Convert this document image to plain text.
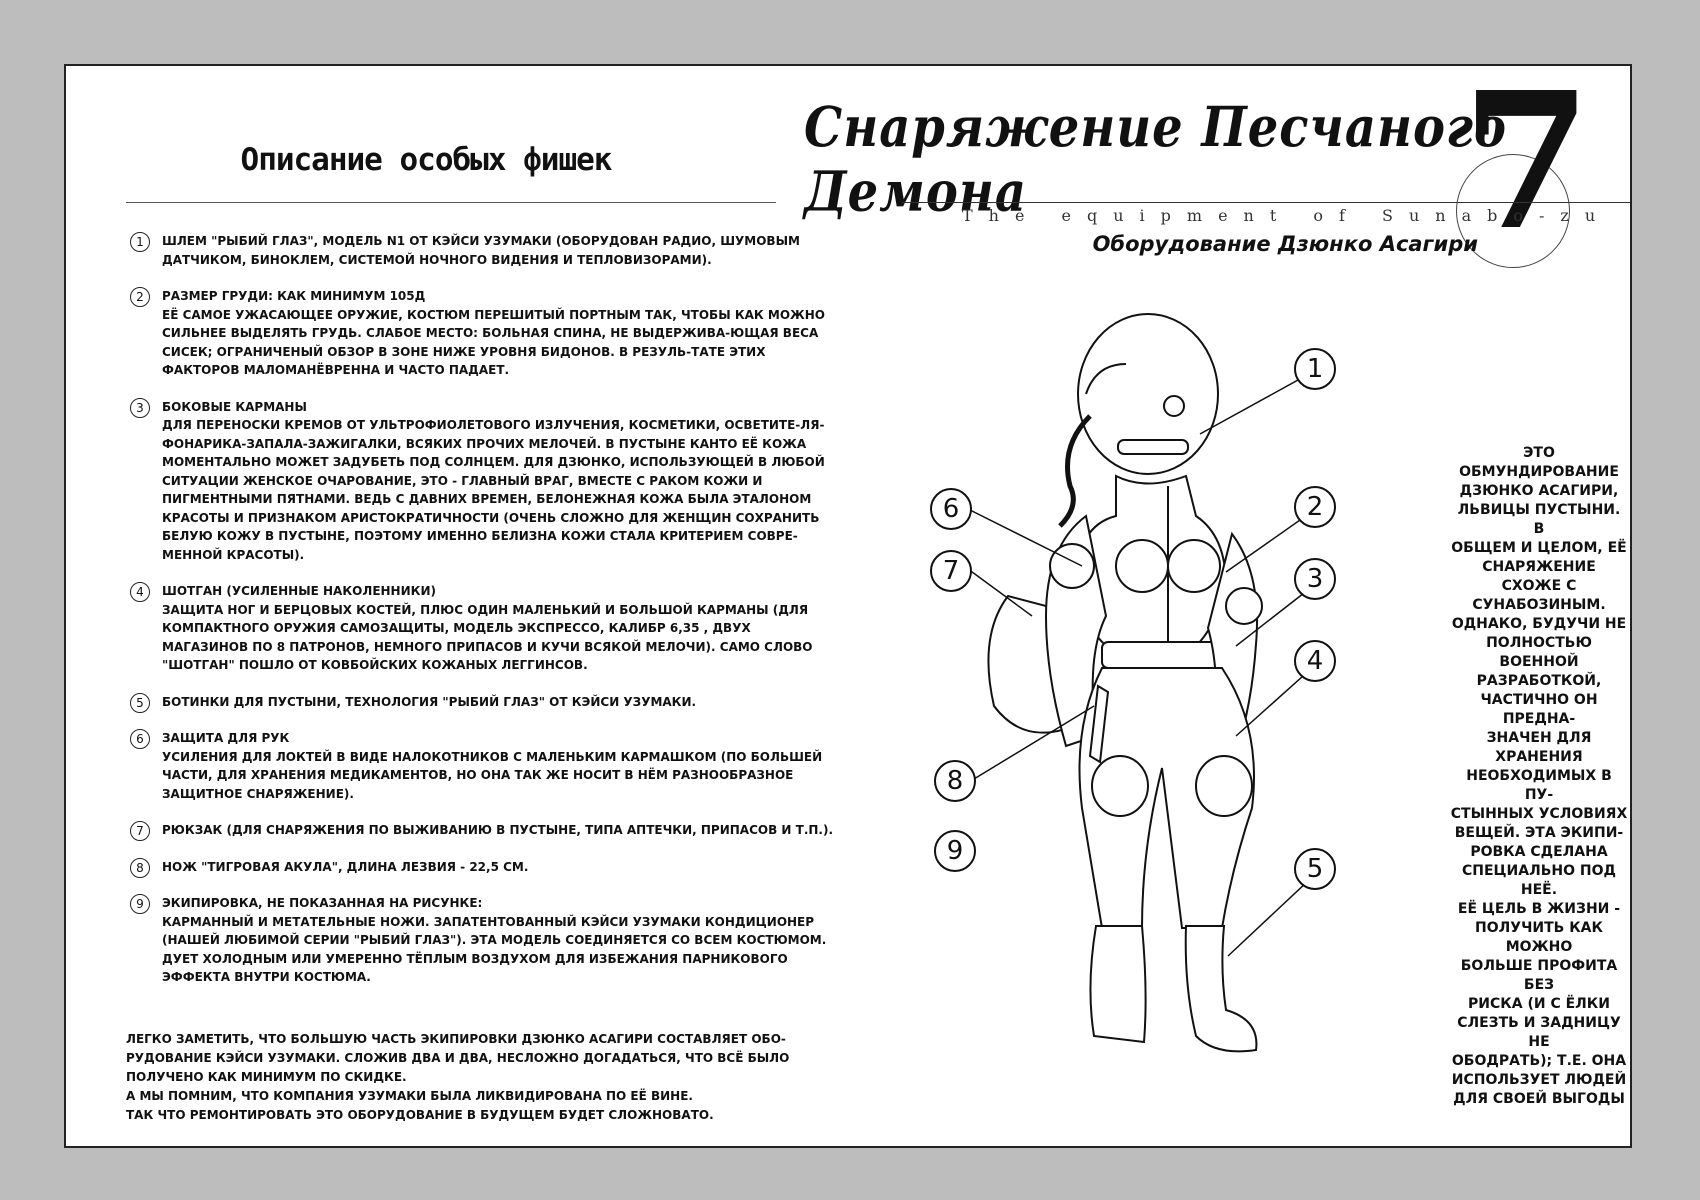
Описание особых фишек
1	ШЛЕМ "РЫБИЙ ГЛАЗ", МОДЕЛЬ N1 ОТ КЭЙСИ УЗУМАКИ (ОБОРУДОВАН РАДИО, ШУМОВЫМ ДАТЧИКОМ, БИНОКЛЕМ, СИСТЕМОЙ НОЧНОГО ВИДЕНИЯ И ТЕПЛОВИЗОРАМИ).
2	РАЗМЕР ГРУДИ: КАК МИНИМУМ 105Д
ЕЁ САМОЕ УЖАСАЮЩЕЕ ОРУЖИЕ, КОСТЮМ ПЕРЕШИТЫЙ ПОРТНЫМ ТАК, ЧТОБЫ КАК МОЖНО СИЛЬНЕЕ ВЫДЕЛЯТЬ ГРУДЬ. СЛАБОЕ МЕСТО: БОЛЬНАЯ СПИНА, НЕ ВЫДЕРЖИВА-ЮЩАЯ ВЕСА СИСЕК; ОГРАНИЧЕНЫЙ ОБЗОР В ЗОНЕ НИЖЕ УРОВНЯ БИДОНОВ. В РЕЗУЛЬ-ТАТЕ ЭТИХ ФАКТОРОВ МАЛОМАНЁВРЕННА И ЧАСТО ПАДАЕТ.
3	БОКОВЫЕ КАРМАНЫ
ДЛЯ ПЕРЕНОСКИ КРЕМОВ ОТ УЛЬТРОФИОЛЕТОВОГО ИЗЛУЧЕНИЯ, КОСМЕТИКИ, ОСВЕТИТЕ-ЛЯ-ФОНАРИКА-ЗАПАЛА-ЗАЖИГАЛКИ, ВСЯКИХ ПРОЧИХ МЕЛОЧЕЙ. В ПУСТЫНЕ КАНТО ЕЁ КОЖА МОМЕНТАЛЬНО МОЖЕТ ЗАДУБЕТЬ ПОД СОЛНЦЕМ. ДЛЯ ДЗЮНКО, ИСПОЛЬЗУЮЩЕЙ В ЛЮБОЙ СИТУАЦИИ ЖЕНСКОЕ ОЧАРОВАНИЕ, ЭТО - ГЛАВНЫЙ ВРАГ, ВМЕСТЕ С РАКОМ КОЖИ И ПИГМЕНТНЫМИ ПЯТНАМИ. ВЕДЬ С ДАВНИХ ВРЕМЕН, БЕЛОНЕЖНАЯ КОЖА БЫЛА ЭТАЛОНОМ КРАСОТЫ И ПРИЗНАКОМ АРИСТОКРАТИЧНОСТИ (ОЧЕНЬ СЛОЖНО ДЛЯ ЖЕНЩИН СОХРАНИТЬ БЕЛУЮ КОЖУ В ПУСТЫНЕ, ПОЭТОМУ ИМЕННО БЕЛИЗНА КОЖИ СТАЛА КРИТЕРИЕМ СОВРЕ-МЕННОЙ КРАСОТЫ).
4	ШОТГАН (УСИЛЕННЫЕ НАКОЛЕННИКИ)
ЗАЩИТА НОГ И БЕРЦОВЫХ КОСТЕЙ, ПЛЮС ОДИН МАЛЕНЬКИЙ И БОЛЬШОЙ КАРМАНЫ (ДЛЯ КОМПАКТНОГО ОРУЖИЯ САМОЗАЩИТЫ, МОДЕЛЬ ЭКСПРЕССО, КАЛИБР 6,35 , ДВУХ МАГАЗИНОВ ПО 8 ПАТРОНОВ, НЕМНОГО ПРИПАСОВ И КУЧИ ВСЯКОЙ МЕЛОЧИ). САМО СЛОВО "ШОТГАН" ПОШЛО ОТ КОВБОЙСКИХ КОЖАНЫХ ЛЕГГИНСОВ.
5	БОТИНКИ ДЛЯ ПУСТЫНИ, ТЕХНОЛОГИЯ "РЫБИЙ ГЛАЗ" ОТ КЭЙСИ УЗУМАКИ.
6	ЗАЩИТА ДЛЯ РУК
УСИЛЕНИЯ ДЛЯ ЛОКТЕЙ В ВИДЕ НАЛОКОТНИКОВ С МАЛЕНЬКИМ КАРМАШКОМ (ПО БОЛЬШЕЙ ЧАСТИ, ДЛЯ ХРАНЕНИЯ МЕДИКАМЕНТОВ, НО ОНА ТАК ЖЕ НОСИТ В НЁМ РАЗНООБРАЗНОЕ ЗАЩИТНОЕ СНАРЯЖЕНИЕ).
7	РЮКЗАК (ДЛЯ СНАРЯЖЕНИЯ ПО ВЫЖИВАНИЮ В ПУСТЫНЕ, ТИПА АПТЕЧКИ, ПРИПАСОВ И Т.П.).
8	НОЖ "ТИГРОВАЯ АКУЛА", ДЛИНА ЛЕЗВИЯ - 22,5 СМ.
9	ЭКИПИРОВКА, НЕ ПОКАЗАННАЯ НА РИСУНКЕ:
КАРМАННЫЙ И МЕТАТЕЛЬНЫЕ НОЖИ. ЗАПАТЕНТОВАННЫЙ КЭЙСИ УЗУМАКИ КОНДИЦИОНЕР (НАШЕЙ ЛЮБИМОЙ СЕРИИ "РЫБИЙ ГЛАЗ"). ЭТА МОДЕЛЬ СОЕДИНЯЕТСЯ СО ВСЕМ КОСТЮМОМ. ДУЕТ ХОЛОДНЫМ ИЛИ УМЕРЕННО ТЁПЛЫМ ВОЗДУХОМ ДЛЯ ИЗБЕЖАНИЯ ПАРНИКОВОГО ЭФФЕКТА ВНУТРИ КОСТЮМА.
ЛЕГКО ЗАМЕТИТЬ, ЧТО БОЛЬШУЮ ЧАСТЬ ЭКИПИРОВКИ ДЗЮНКО АСАГИРИ СОСТАВЛЯЕТ ОБО-
РУДОВАНИЕ КЭЙСИ УЗУМАКИ. СЛОЖИВ ДВА И ДВА, НЕСЛОЖНО ДОГАДАТЬСЯ, ЧТО ВСЁ БЫЛО
ПОЛУЧЕНО КАК МИНИМУМ ПО СКИДКЕ.
А МЫ ПОМНИМ, ЧТО КОМПАНИЯ УЗУМАКИ БЫЛА ЛИКВИДИРОВАНА ПО ЕЁ ВИНЕ.
ТАК ЧТО РЕМОНТИРОВАТЬ ЭТО ОБОРУДОВАНИЕ В БУДУЩЕМ БУДЕТ СЛОЖНОВАТО.
Снаряжение Песчаного Демона	7
The equipment of Sunabo-zu
Оборудование Дзюнко Асагири
1
2
3
4
5
6
7
8
9
ЭТО ОБМУНДИРОВАНИЕ
ДЗЮНКО АСАГИРИ,
ЛЬВИЦЫ ПУСТЫНИ. В
ОБЩЕМ И ЦЕЛОМ, ЕЁ
СНАРЯЖЕНИЕ СХОЖЕ С
СУНАБОЗИНЫМ.
ОДНАКО, БУДУЧИ НЕ
ПОЛНОСТЬЮ ВОЕННОЙ
РАЗРАБОТКОЙ,
ЧАСТИЧНО ОН ПРЕДНА-
ЗНАЧЕН ДЛЯ ХРАНЕНИЯ
НЕОБХОДИМЫХ В ПУ-
СТЫННЫХ УСЛОВИЯХ
ВЕЩЕЙ. ЭТА ЭКИПИ-
РОВКА СДЕЛАНА
СПЕЦИАЛЬНО ПОД НЕЁ.
ЕЁ ЦЕЛЬ В ЖИЗНИ -
ПОЛУЧИТЬ КАК МОЖНО
БОЛЬШЕ ПРОФИТА БЕЗ
РИСКА (И С ЁЛКИ
СЛЕЗТЬ И ЗАДНИЦУ НЕ
ОБОДРАТЬ); Т.Е. ОНА
ИСПОЛЬЗУЕТ ЛЮДЕЙ
ДЛЯ СВОЕЙ ВЫГОДЫ
